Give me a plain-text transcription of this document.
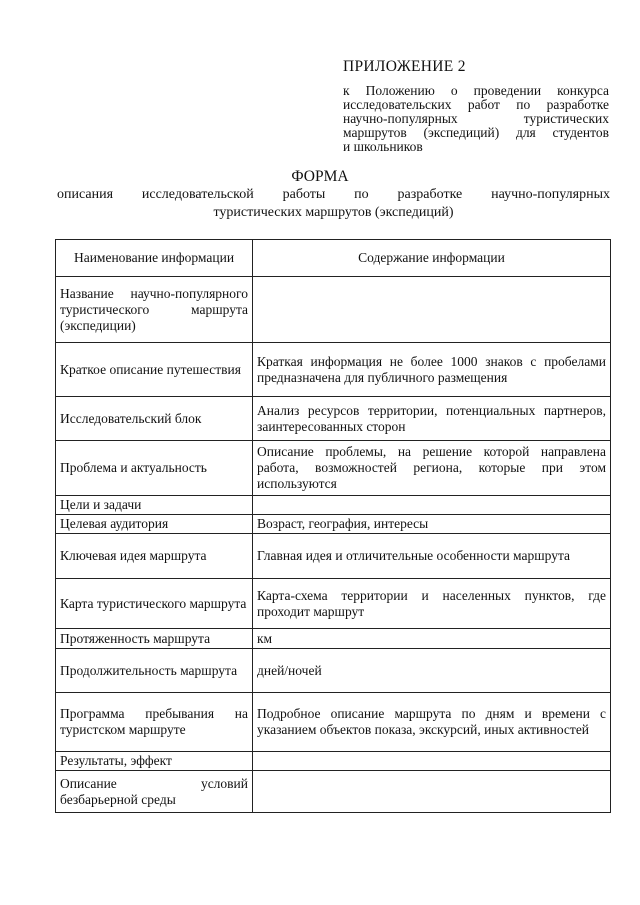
ПРИЛОЖЕНИЕ 2
к Положению о проведении конкурса
исследовательских работ по разработке
научно-популярных туристических
маршрутов (экспедиций) для студентов
и школьников
ФОРМА
описания исследовательской работы по разработке научно-популярных
туристических маршрутов (экспедиций)
Наименование информации	Содержание информации
Название научно-популярного туристического маршрута (экспедиции)	
Краткое описание путешествия	Краткая информация не более 1000 знаков с пробелами предназначена для публичного размещения
Исследовательский блок	Анализ ресурсов территории, потенциальных партнеров, заинтересованных сторон
Проблема и актуальность	Описание проблемы, на решение которой направлена работа, возможностей региона, которые при этом используются
Цели и задачи	
Целевая аудитория	Возраст, география, интересы
Ключевая идея маршрута	Главная идея и отличительные особенности маршрута
Карта туристического маршрута	Карта-схема территории и населенных пунктов, где проходит маршрут
Протяженность маршрута	км
Продолжительность маршрута	дней/ночей
Программа пребывания на туристском маршруте	Подробное описание маршрута по дням и времени с указанием объектов показа, экскурсий, иных активностей
Результаты, эффект	
Описание условий безбарьерной среды	
